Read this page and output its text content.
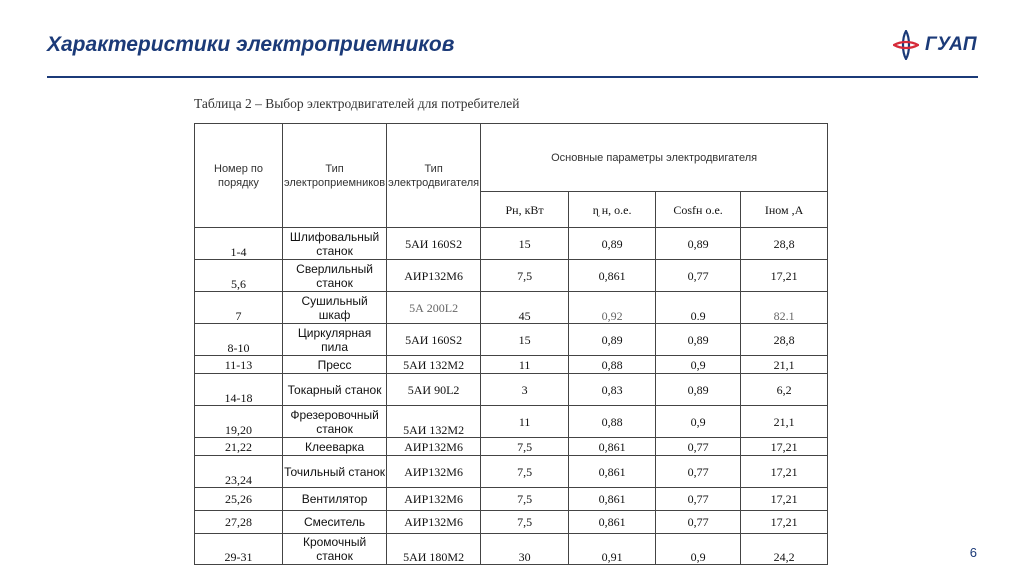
Характеристики электроприемников	ГУАП
Таблица 2 – Выбор электродвигателей для потребителей
Номер по порядку	Тип электроприемников	Тип электродвигателя	Основные параметры электродвигателя			
			Pн, кВт	ɳ н, о.е.	Cosfн о.е.	Iном ,А
1-4	Шлифовальный станок	5АИ 160S2	15	0,89	0,89	28,8
5,6	Сверлильный станок	АИР132М6	7,5	0,861	0,77	17,21
7	Сушильный шкаф	5А 200L2	45	0,92	0.9	82.1
8-10	Циркулярная пила	5АИ 160S2	15	0,89	0,89	28,8
11-13	Пресс	5АИ 132М2	11	0,88	0,9	21,1
14-18	Токарный станок	5АИ 90L2	3	0,83	0,89	6,2
19,20	Фрезеровочный станок	5АИ 132М2	11	0,88	0,9	21,1
21,22	Клееварка	АИР132М6	7,5	0,861	0,77	17,21
23,24	Точильный станок	АИР132М6	7,5	0,861	0,77	17,21
25,26	Вентилятор	АИР132М6	7,5	0,861	0,77	17,21
27,28	Смеситель	АИР132М6	7,5	0,861	0,77	17,21
29-31	Кромочный станок	5АИ 180М2	30	0,91	0,9	24,2	6
